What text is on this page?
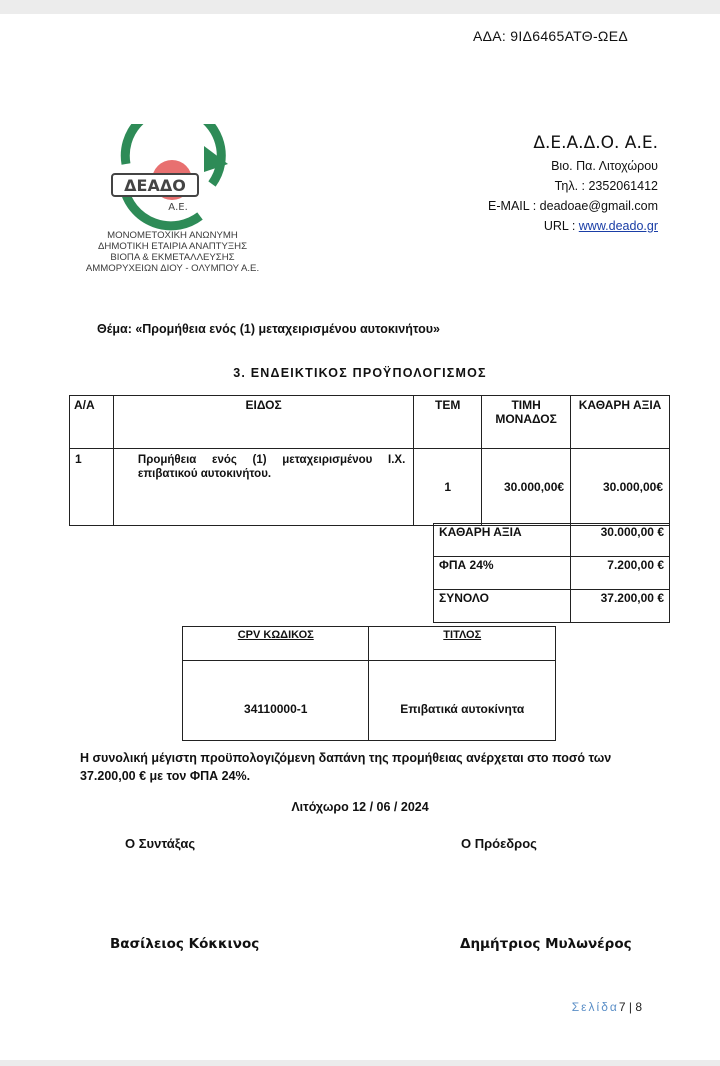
ΑΔΑ: 9ΙΔ6465ΑΤΘ-ΩΕΔ
ΔΕΑΔΟ
Α.Ε.
ΜΟΝΟΜΕΤΟΧΙΚΗ ΑΝΩΝΥΜΗ
ΔΗΜΟΤΙΚΗ ΕΤΑΙΡΙΑ ΑΝΑΠΤΥΞΗΣ
ΒΙΟΠΑ & ΕΚΜΕΤΑΛΛΕΥΣΗΣ
ΑΜΜΟΡΥΧΕΙΩΝ ΔΙΟΥ - ΟΛΥΜΠΟΥ Α.Ε.
Δ.Ε.Α.Δ.Ο. Α.Ε.
Βιο. Πα. Λιτοχώρου
Τηλ. : 2352061412
E-MAIL : deadoae@gmail.com
URL : www.deado.gr
Θέμα: «Προμήθεια ενός (1) μεταχειρισμένου αυτοκινήτου»
3. ΕΝΔΕΙΚΤΙΚΟΣ ΠΡΟΫΠΟΛΟΓΙΣΜΟΣ
Α/Α	ΕΙΔΟΣ	ΤΕΜ	ΤΙΜΗ ΜΟΝΑΔΟΣ	ΚΑΘΑΡΗ ΑΞΙΑ
1	Προμήθεια ενός (1) μεταχειρισμένου Ι.Χ. επιβατικού αυτοκινήτου.	1	30.000,00€	30.000,00€
ΚΑΘΑΡΗ ΑΞΙΑ	30.000,00 €
ΦΠΑ 24%	7.200,00 €
ΣΥΝΟΛΟ	37.200,00 €
CPV ΚΩΔΙΚΟΣ	ΤΙΤΛΟΣ
34110000-1	Επιβατικά αυτοκίνητα
Η συνολική μέγιστη προϋπολογιζόμενη δαπάνη της προμήθειας ανέρχεται στο ποσό των 37.200,00 € με τον ΦΠΑ 24%.
Λιτόχωρο 12 / 06 / 2024
Ο Συντάξας	Ο Πρόεδρος
Βασίλειος Κόκκινος	Δημήτριος Μυλωνέρος
Σελίδα7 | 8
